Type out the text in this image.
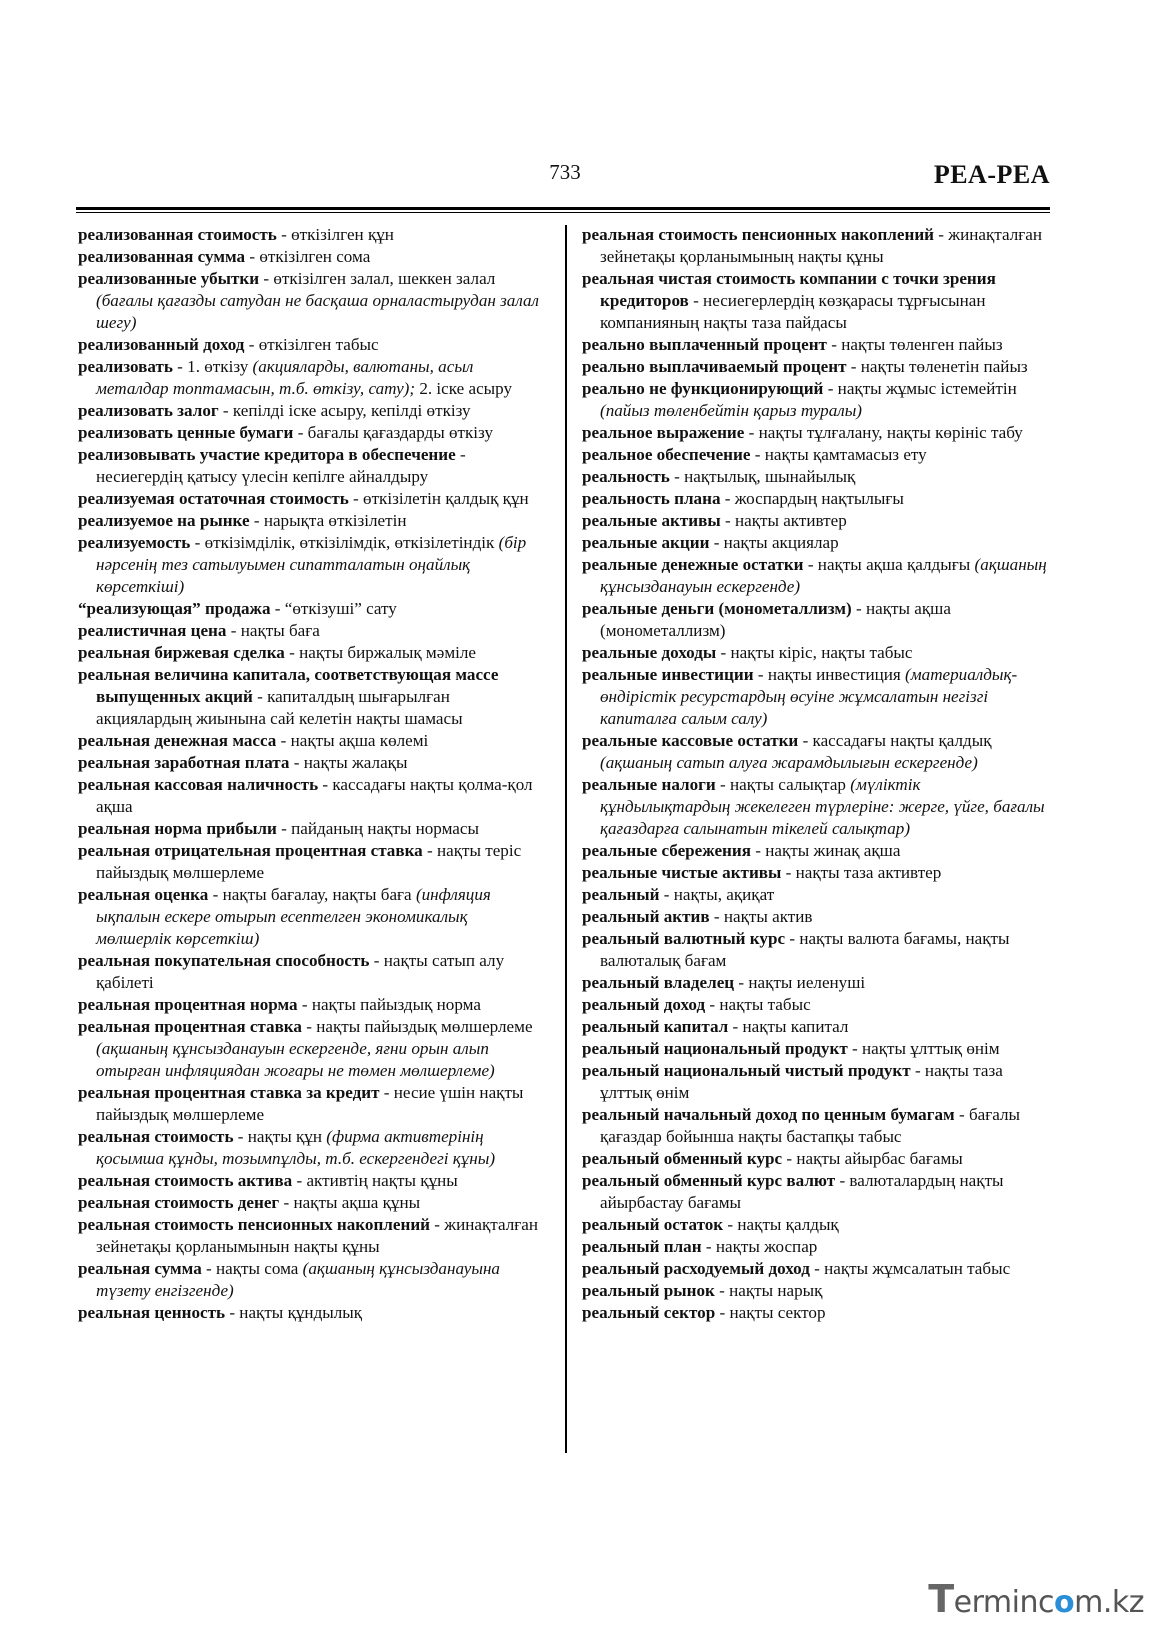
733	РЕА-РЕА

реализованная стоимость - өткізілген құн

реализованная сумма - өткізілген сома

реализованные убытки - өткізілген залал, шеккен залал (бағалы қағазды сатудан не басқаша орналастырудан залал шегу)

реализованный доход - өткізілген табыс

реализовать - 1. өткізу (акцияларды, валютаны, асыл металдар топтамасын, т.б. өткізу, сату); 2. іске асыру

реализовать залог - кепілді іске асыру, кепілді өткізу

реализовать ценные бумаги - бағалы қағаздарды өткізу

реализовывать участие кредитора в обеспечение - несиегердің қатысу үлесін кепілге айналдыру

реализуемая остаточная стоимость - өткізілетін қалдық құн

реализуемое на рынке - нарықта өткізілетін

реализуемость - өткізімділік, өткізілімдік, өткізілетіндік (бір нәрсенің тез сатылуымен сипатталатын оңайлық көрсеткіші)

“реализующая” продажа - “өткізуші” сату

реалистичная цена - нақты баға

реальная биржевая сделка - нақты биржалық мәміле

реальная величина капитала, соответствующая массе выпущенных акций - капиталдың шығарылған акциялардың жиынына сай келетін нақты шамасы

реальная денежная масса - нақты ақша көлемі

реальная заработная плата - нақты жалақы

реальная кассовая наличность - кассадағы нақты қолма-қол ақша

реальная норма прибыли - пайданың нақты нормасы

реальная отрицательная процентная ставка - нақты теріс пайыздық мөлшерлеме

реальная оценка - нақты бағалау, нақты баға (инфляция ықпалын ескере отырып есептелген экономикалық мөлшерлік көрсеткіш)

реальная покупательная способность - нақты сатып алу қабілеті

реальная процентная норма - нақты пайыздық норма

реальная процентная ставка - нақты пайыздық мөлшерлеме (ақшаның құнсызданауын ескергенде, яғни орын алып отырған инфляциядан жоғары не төмен мөлшерлеме)

реальная процентная ставка за кредит - несие үшін нақты пайыздық мөлшерлеме

реальная стоимость - нақты құн (фирма активтерінің қосымша құнды, тозымпұлды, т.б. ескергендегі құны)

реальная стоимость актива - активтің нақты құны

реальная стоимость денег - нақты ақша құны

реальная стоимость пенсионных накоплений - жинақталған зейнетақы қорланымынын нақты құны

реальная сумма - нақты сома (ақшаның құнсызданауына түзету енгізгенде)

реальная ценность - нақты құндылық

реальная стоимость пенсионных накоплений - жинақталған зейнетақы қорланымының нақты құны

реальная чистая стоимость компании с точки зрения кредиторов - несиегерлердің көзқарасы тұрғысынан компанияның нақты таза пайдасы

реально выплаченный процент - нақты төленген пайыз

реально выплачиваемый процент - нақты төленетін пайыз

реально не функционирующий - нақты жұмыс істемейтін (пайыз төленбейтін қарыз туралы)

реальное выражение - нақты тұлғалану, нақты көрініс табу

реальное обеспечение - нақты қамтамасыз ету

реальность - нақтылық, шынайылық

реальность плана - жоспардың нақтылығы

реальные активы - нақты активтер

реальные акции - нақты акциялар

реальные денежные остатки - нақты ақша қалдығы (ақшаның құнсызданауын ескергенде)

реальные деньги (монометаллизм) - нақты ақша (монометаллизм)

реальные доходы - нақты кіріс, нақты табыс

реальные инвестиции - нақты инвестиция (материалдық-өндірістік ресурстардың өсуіне жұмсалатын негізгі капиталға салым салу)

реальные кассовые остатки - кассадағы нақты қалдық (ақшаның сатып алуға жарамдылығын ескергенде)

реальные налоги - нақты салықтар (мүліктік құндылықтардың жекелеген түрлеріне: жерге, үйге, бағалы қағаздарға салынатын тікелей салықтар)

реальные сбережения - нақты жинақ ақша

реальные чистые активы - нақты таза активтер

реальный - нақты, ақиқат

реальный актив - нақты актив

реальный валютный курс - нақты валюта бағамы, нақты валюталық бағам

реальный владелец - нақты иеленуші

реальный доход - нақты табыс

реальный капитал - нақты капитал

реальный национальный продукт - нақты ұлттық өнім

реальный национальный чистый продукт - нақты таза ұлттық өнім

реальный начальный доход по ценным бумагам - бағалы қағаздар бойынша нақты бастапқы табыс

реальный обменный курс - нақты айырбас бағамы

реальный обменный курс валют - валюталардың нақты айырбастау бағамы

реальный остаток - нақты қалдық

реальный план - нақты жоспар

реальный расходуемый доход - нақты жұмсалатын табыс

реальный рынок - нақты нарық

реальный сектор - нақты сектор

Termincom.kz
